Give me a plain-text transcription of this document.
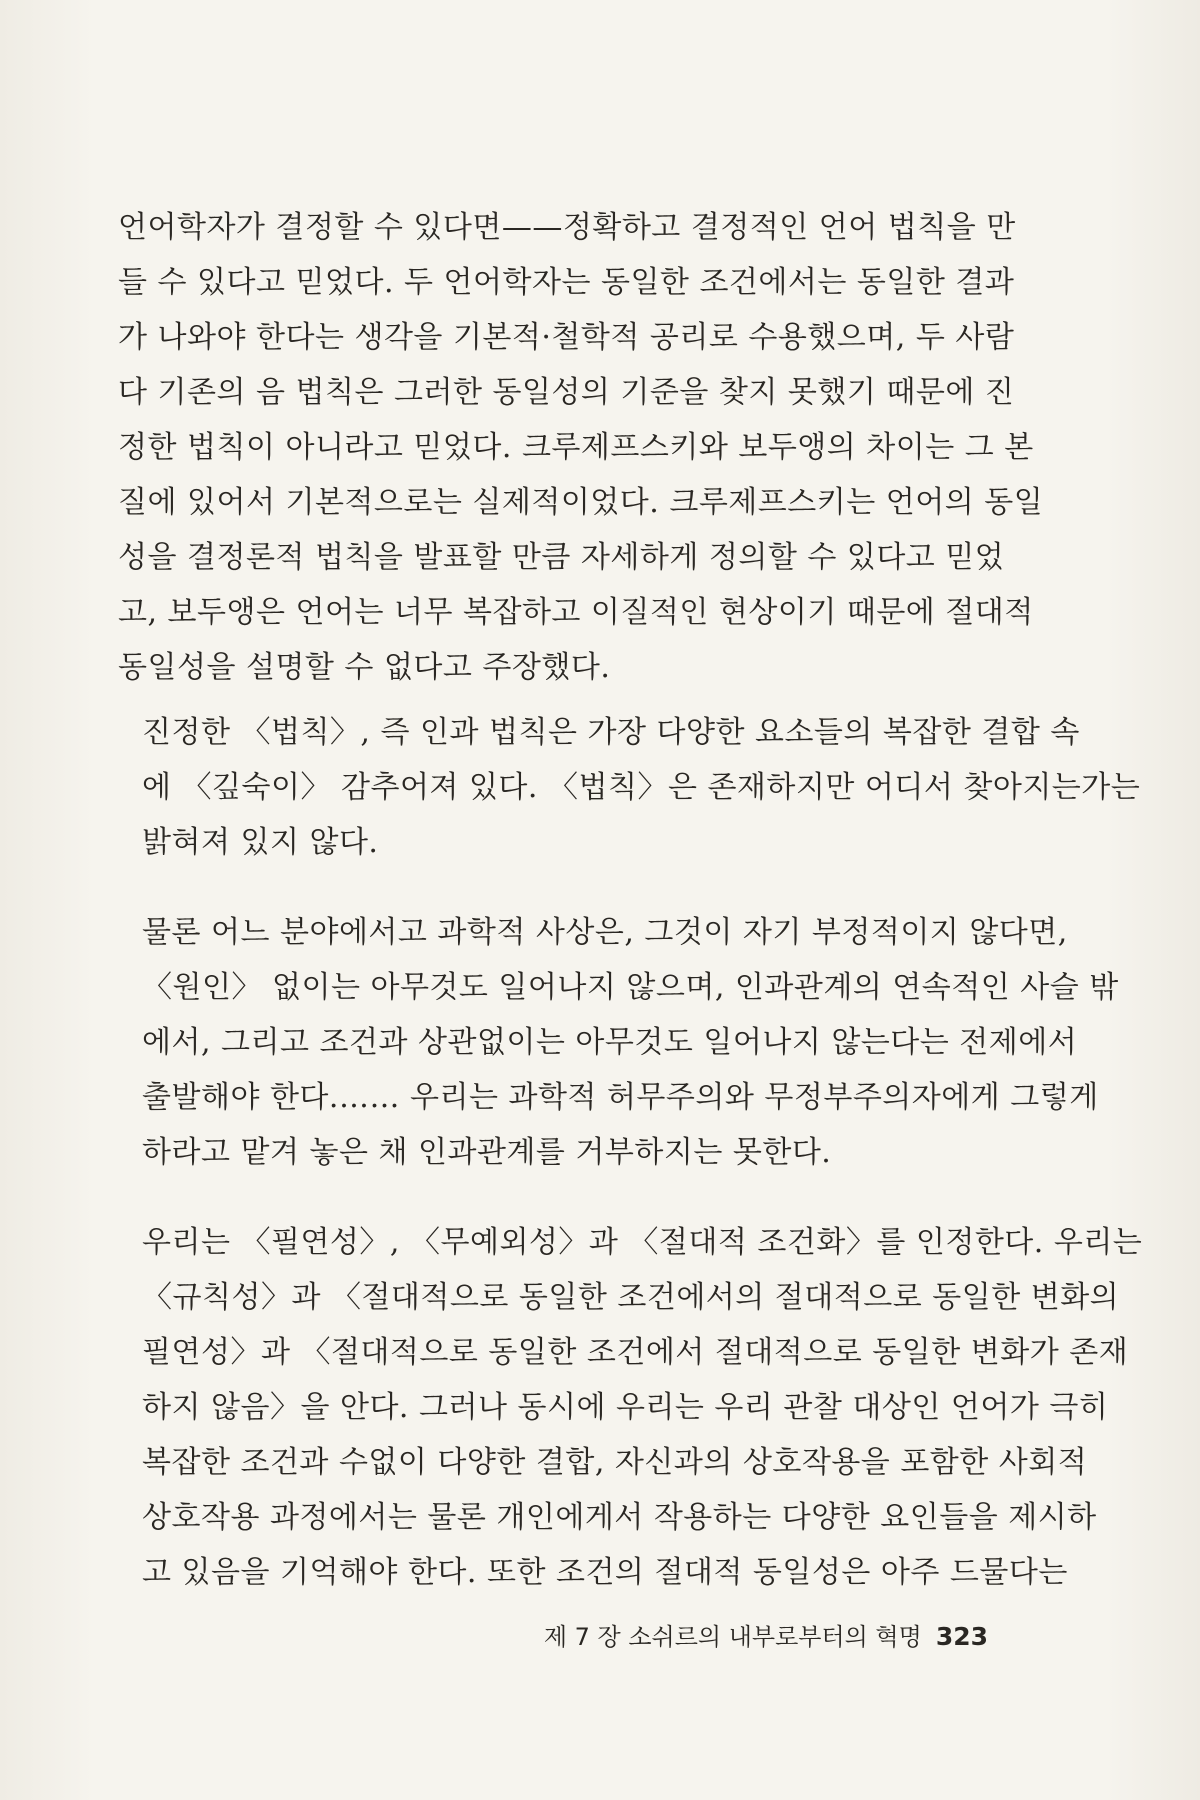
언어학자가 결정할 수 있다면——정확하고 결정적인 언어 법칙을 만
들 수 있다고 믿었다. 두 언어학자는 동일한 조건에서는 동일한 결과
가 나와야 한다는 생각을 기본적·철학적 공리로 수용했으며, 두 사람
다 기존의 음 법칙은 그러한 동일성의 기준을 찾지 못했기 때문에 진
정한 법칙이 아니라고 믿었다. 크루제프스키와 보두앵의 차이는 그 본
질에 있어서 기본적으로는 실제적이었다. 크루제프스키는 언어의 동일
성을 결정론적 법칙을 발표할 만큼 자세하게 정의할 수 있다고 믿었
고, 보두앵은 언어는 너무 복잡하고 이질적인 현상이기 때문에 절대적
동일성을 설명할 수 없다고 주장했다.
진정한 〈법칙〉, 즉 인과 법칙은 가장 다양한 요소들의 복잡한 결합 속
에 〈깊숙이〉 감추어져 있다. 〈법칙〉은 존재하지만 어디서 찾아지는가는
밝혀져 있지 않다.
물론 어느 분야에서고 과학적 사상은, 그것이 자기 부정적이지 않다면,
〈원인〉 없이는 아무것도 일어나지 않으며, 인과관계의 연속적인 사슬 밖
에서, 그리고 조건과 상관없이는 아무것도 일어나지 않는다는 전제에서
출발해야 한다.…… 우리는 과학적 허무주의와 무정부주의자에게 그렇게
하라고 맡겨 놓은 채 인과관계를 거부하지는 못한다.
우리는 〈필연성〉, 〈무예외성〉과 〈절대적 조건화〉를 인정한다. 우리는
〈규칙성〉과 〈절대적으로 동일한 조건에서의 절대적으로 동일한 변화의
필연성〉과 〈절대적으로 동일한 조건에서 절대적으로 동일한 변화가 존재
하지 않음〉을 안다. 그러나 동시에 우리는 우리 관찰 대상인 언어가 극히
복잡한 조건과 수없이 다양한 결합, 자신과의 상호작용을 포함한 사회적
상호작용 과정에서는 물론 개인에게서 작용하는 다양한 요인들을 제시하
고 있음을 기억해야 한다. 또한 조건의 절대적 동일성은 아주 드물다는
제 7 장 소쉬르의 내부로부터의 혁명 323
